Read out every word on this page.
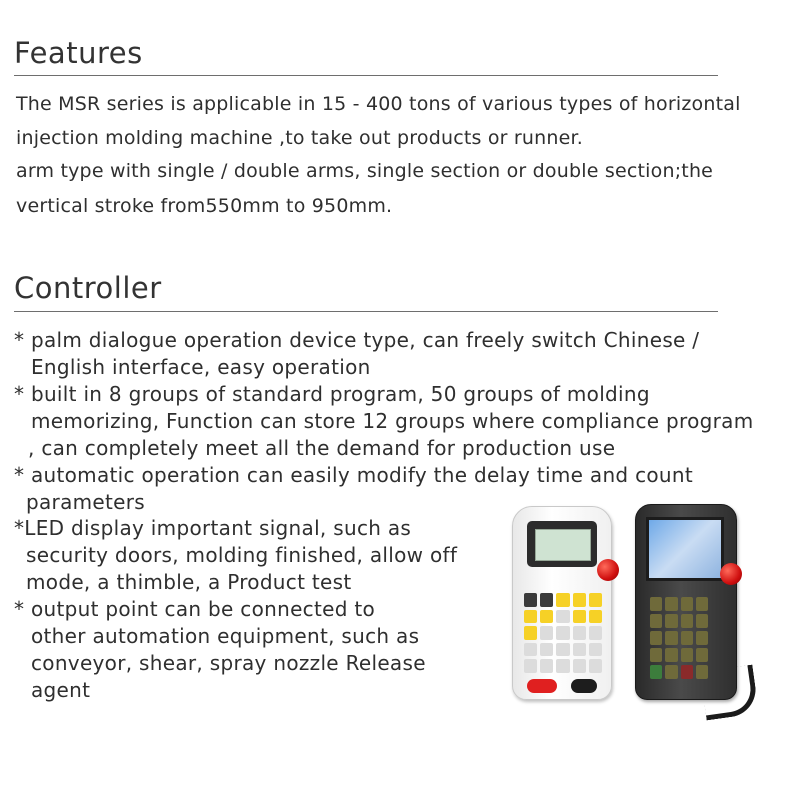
Features

The MSR series is applicable in 15 - 400 tons of various types of horizontal

injection molding machine ,to take out products or runner.

arm type with single / double arms, single section or double section;the

vertical stroke from550mm to 950mm.

Controller

* palm dialogue operation device type, can freely switch Chinese /

English interface, easy operation

* built in 8 groups of standard program, 50 groups of molding

memorizing, Function can store 12 groups where compliance program

, can completely meet all the demand for production use

* automatic operation can easily modify the delay time and count

parameters

*LED display important signal, such as

security doors, molding finished, allow off

mode, a thimble, a Product test

* output point can be connected to

other automation equipment, such as

conveyor, shear, spray nozzle Release

agent
